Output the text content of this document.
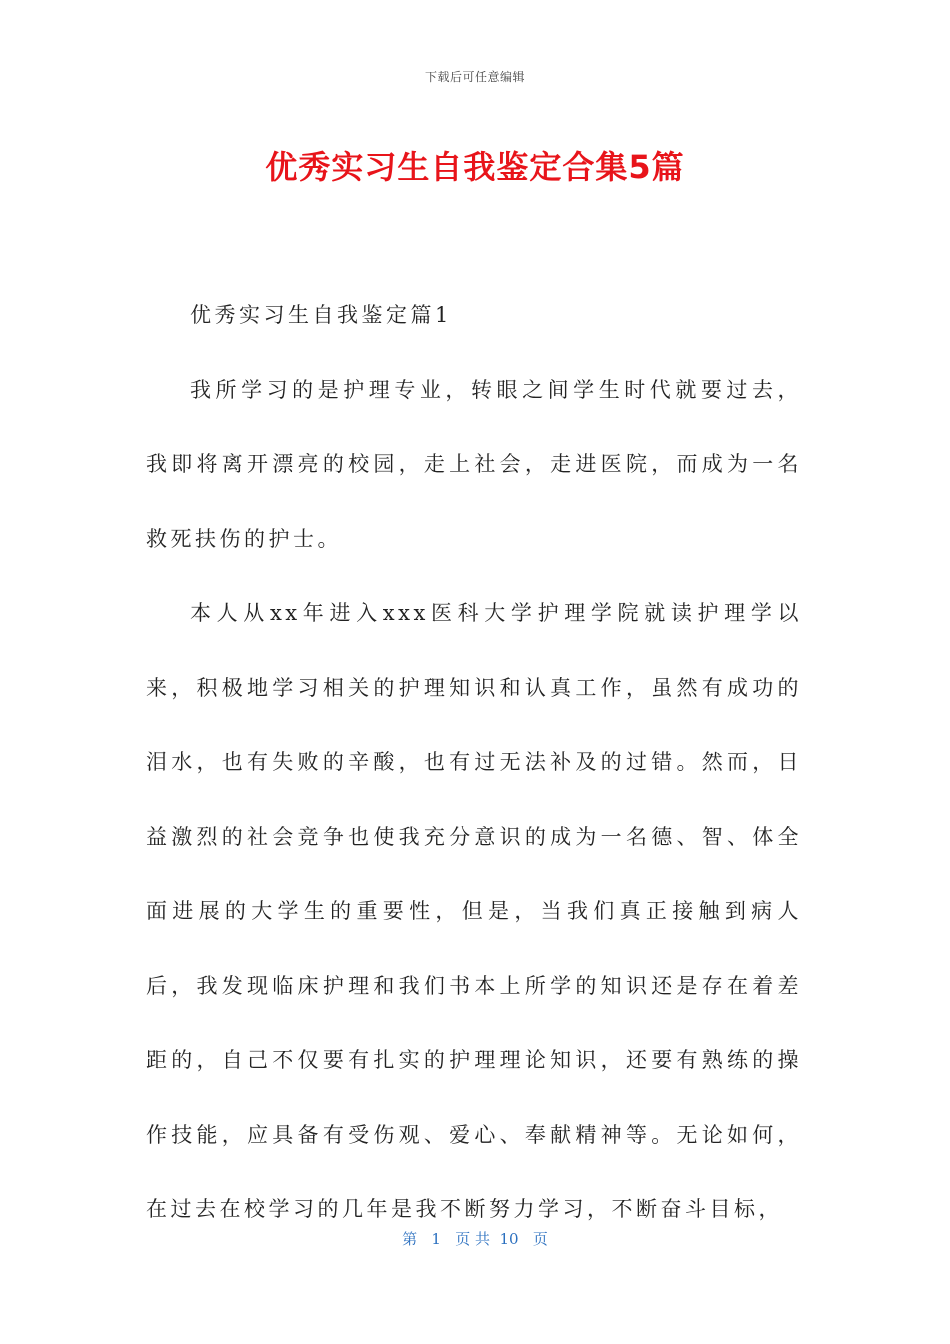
下载后可任意编辑
优秀实习生自我鉴定合集5篇

优秀实习生自我鉴定篇1

我所学习的是护理专业，转眼之间学生时代就要过去，我即将离开漂亮的校园，走上社会，走进医院，而成为一名救死扶伤的护士。

本人从xx年进入xxx医科大学护理学院就读护理学以来，积极地学习相关的护理知识和认真工作，虽然有成功的泪水，也有失败的辛酸，也有过无法补及的过错。然而，日益激烈的社会竞争也使我充分意识的成为一名德、智、体全面进展的大学生的重要性，但是，当我们真正接触到病人后，我发现临床护理和我们书本上所学的知识还是存在着差距的，自己不仅要有扎实的护理理论知识，还要有熟练的操作技能，应具备有受伤观、爱心、奉献精神等。无论如何，在过去在校学习的几年是我不断努力学习，不断奋斗目标，

第   1   页 共  10   页
